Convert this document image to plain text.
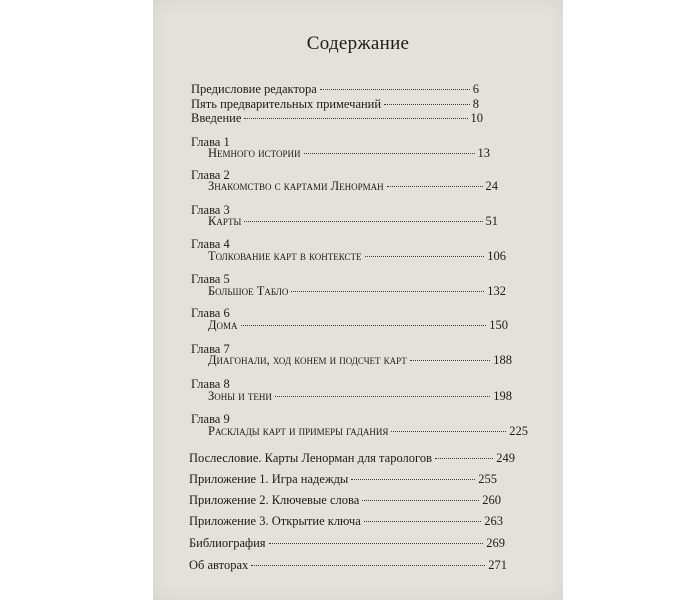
Содержание
Предисловие редактора	6
Пять предварительных примечаний	8
Введение	10
Глава 1
Немного истории	13
Глава 2
Знакомство с картами Ленорман	24
Глава 3
Карты	51
Глава 4
Толкование карт в контексте	106
Глава 5
Большое Табло	132
Глава 6
Дома	150
Глава 7
Диагонали, ход конем и подсчет карт	188
Глава 8
Зоны и тени	198
Глава 9
Расклады карт и примеры гадания	225
Послесловие. Карты Ленорман для тарологов	249
Приложение 1. Игра надежды	255
Приложение 2. Ключевые слова	260
Приложение 3. Открытие ключа	263
Библиография	269
Об авторах	271
